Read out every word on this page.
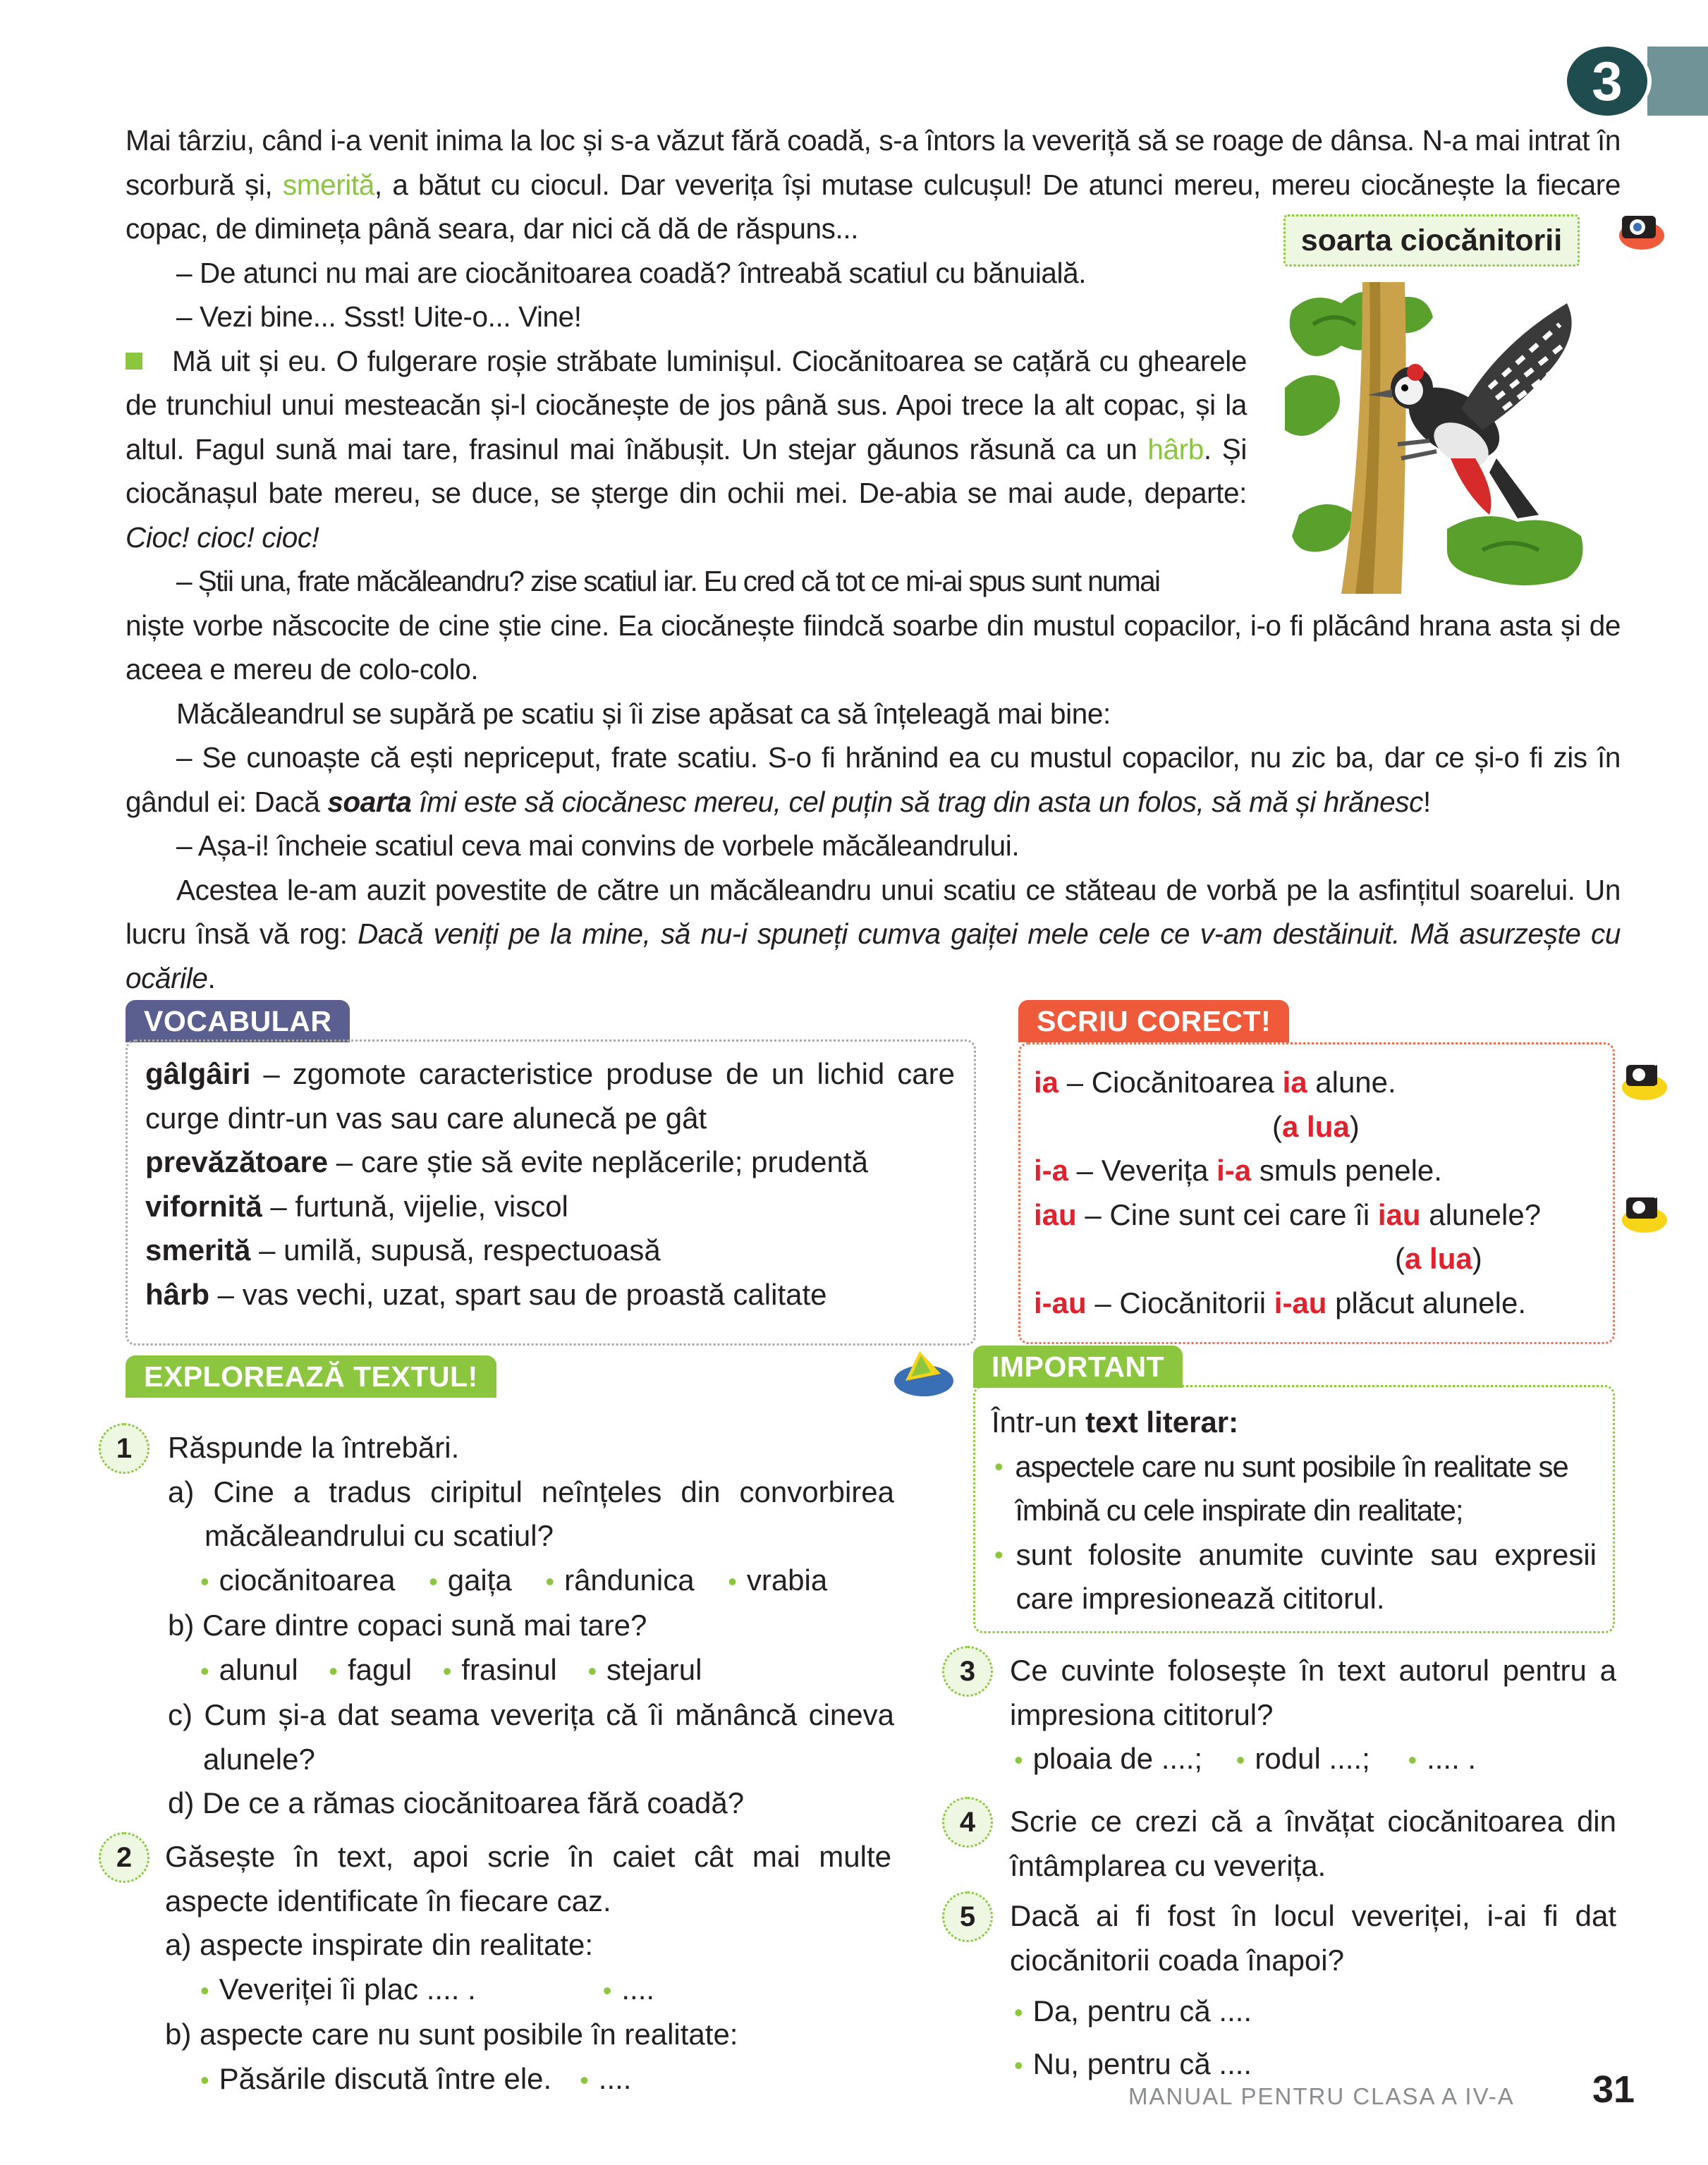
3

Mai târziu, când i-a venit inima la loc și s-a văzut fără coadă, s-a întors la veveriță să se roage de dânsa. N-a mai intrat în scorbură și, smerită, a bătut cu ciocul. Dar veverița își mutase culcușul! De atunci mereu, mereu ciocănește la fiecare copac, de dimineța până seara, dar nici că dă de răspuns...

– De atunci nu mai are ciocănitoarea coadă? întreabă scatiul cu bănuială.

– Vezi bine... Ssst! Uite-o... Vine!

Mă uit și eu. O fulgerare roșie străbate luminișul. Ciocănitoarea se cațără cu ghearele de trunchiul unui mesteacăn și-l ciocănește de jos până sus. Apoi trece la alt copac, și la altul. Fagul sună mai tare, frasinul mai înăbușit. Un stejar găunos răsună ca un hârb. Și ciocănașul bate mereu, se duce, se șterge din ochii mei. De-abia se mai aude, departe: Cioc! cioc! cioc!

– Știi una, frate măcăleandru? zise scatiul iar. Eu cred că tot ce mi-ai spus sunt numai

niște vorbe născocite de cine știe cine. Ea ciocănește fiindcă soarbe din mustul copacilor, i-o fi plăcând hrana asta și de aceea e mereu de colo-colo.

Măcăleandrul se supără pe scatiu și îi zise apăsat ca să înțeleagă mai bine:

– Se cunoaște că ești nepriceput, frate scatiu. S-o fi hrănind ea cu mustul copacilor, nu zic ba, dar ce și-o fi zis în gândul ei: Dacă soarta îmi este să ciocănesc mereu, cel puțin să trag din asta un folos, să mă și hrănesc!

– Așa-i! încheie scatiul ceva mai convins de vorbele măcăleandrului.

Acestea le-am auzit povestite de către un măcăleandru unui scatiu ce stăteau de vorbă pe la asfințitul soarelui. Un lucru însă vă rog: Dacă veniți pe la mine, să nu-i spuneți cumva gaiței mele cele ce v-am destăinuit. Mă asurzește cu ocările.

soarta ciocănitorii
VOCABULAR
gâlgâiri – zgomote caracteristice produse de un lichid care curge dintr-un vas sau care alunecă pe gât
prevăzătoare – care știe să evite neplăcerile; prudentă
vifornită – furtună, vijelie, viscol
smerită – umilă, supusă, respectuoasă
hârb – vas vechi, uzat, spart sau de proastă calitate
SCRIU CORECT!
ia – Ciocănitoarea ia alune.
(a lua)
i-a – Veverița i-a smuls penele.
iau – Cine sunt cei care îi iau alunele?
(a lua)
i-au – Ciocănitorii i-au plăcut alunele.
EXPLOREAZĂ TEXTUL!	IMPORTANT
Într-un text literar:
• aspectele care nu sunt posibile în realitate se îmbină cu cele inspirate din realitate;
• sunt folosite anumite cuvinte sau expresii care impresionează cititorul.
1	Răspunde la întrebări.

a) Cine a tradus ciripitul neînțeles din convorbirea măcăleandrului cu scatiul?

• ciocănitoarea • gaița • rândunica • vrabia

b) Care dintre copaci sună mai tare?

• alunul • fagul • frasinul • stejarul

c) Cum și-a dat seama veverița că îi mănâncă cineva alunele?

d) De ce a rămas ciocănitoarea fără coadă?

2	Găsește în text, apoi scrie în caiet cât mai multe aspecte identificate în fiecare caz.

a) aspecte inspirate din realitate:

• Veveriței îi plac .... .	• ....

b) aspecte care nu sunt posibile în realitate:

• Păsările discută între ele. • ....

3	Ce cuvinte folosește în text autorul pentru a impresiona cititorul?

• ploaia de ....; • rodul ....; • .... .

4	Scrie ce crezi că a învățat ciocănitoarea din întâmplarea cu veverița.

5	Dacă ai fi fost în locul veveriței, i-ai fi dat ciocănitorii coada înapoi?

• Da, pentru că ....

• Nu, pentru că ....

MANUAL PENTRU CLASA A IV-A 31
